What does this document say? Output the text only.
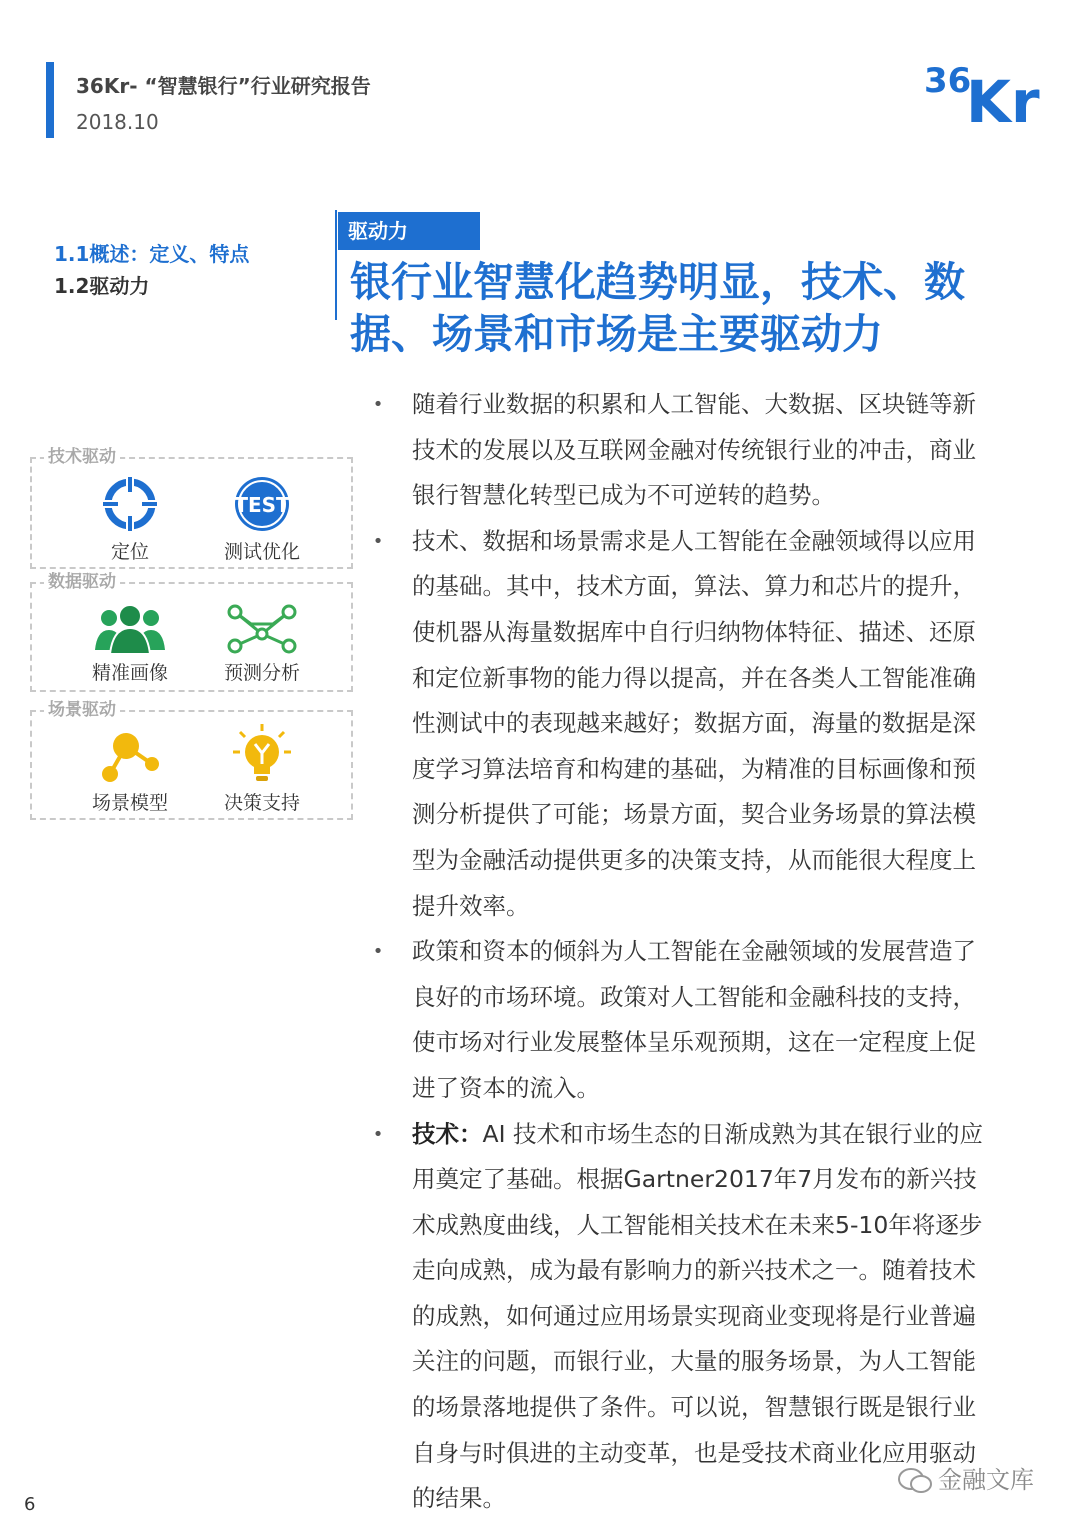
36Kr- “智慧银行”行业研究报告
2018.10
36
Kr
1.1概述：定义、特点
1.2驱动力
驱动力
银行业智慧化趋势明显，技术、数据、场景和市场是主要驱动力
技术驱动
定位
TEST
测试优化
数据驱动
精准画像	预测分析
场景驱动
场景模型	决策支持
• 随着行业数据的积累和人工智能、大数据、区块链等新技术的发展以及互联网金融对传统银行业的冲击，商业银行智慧化转型已成为不可逆转的趋势。
• 技术、数据和场景需求是人工智能在金融领域得以应用的基础。其中，技术方面，算法、算力和芯片的提升，使机器从海量数据库中自行归纳物体特征、描述、还原和定位新事物的能力得以提高，并在各类人工智能准确性测试中的表现越来越好；数据方面，海量的数据是深度学习算法培育和构建的基础，为精准的目标画像和预测分析提供了可能；场景方面，契合业务场景的算法模型为金融活动提供更多的决策支持，从而能很大程度上提升效率。
• 政策和资本的倾斜为人工智能在金融领域的发展营造了良好的市场环境。政策对人工智能和金融科技的支持，使市场对行业发展整体呈乐观预期，这在一定程度上促进了资本的流入。
• 技术：AI 技术和市场生态的日渐成熟为其在银行业的应用奠定了基础。根据Gartner2017年7月发布的新兴技术成熟度曲线，人工智能相关技术在未来5-10年将逐步走向成熟，成为最有影响力的新兴技术之一。随着技术的成熟，如何通过应用场景实现商业变现将是行业普遍关注的问题，而银行业，大量的服务场景，为人工智能的场景落地提供了条件。可以说，智慧银行既是银行业自身与时俱进的主动变革，也是受技术商业化应用驱动的结果。
6
金融文库
